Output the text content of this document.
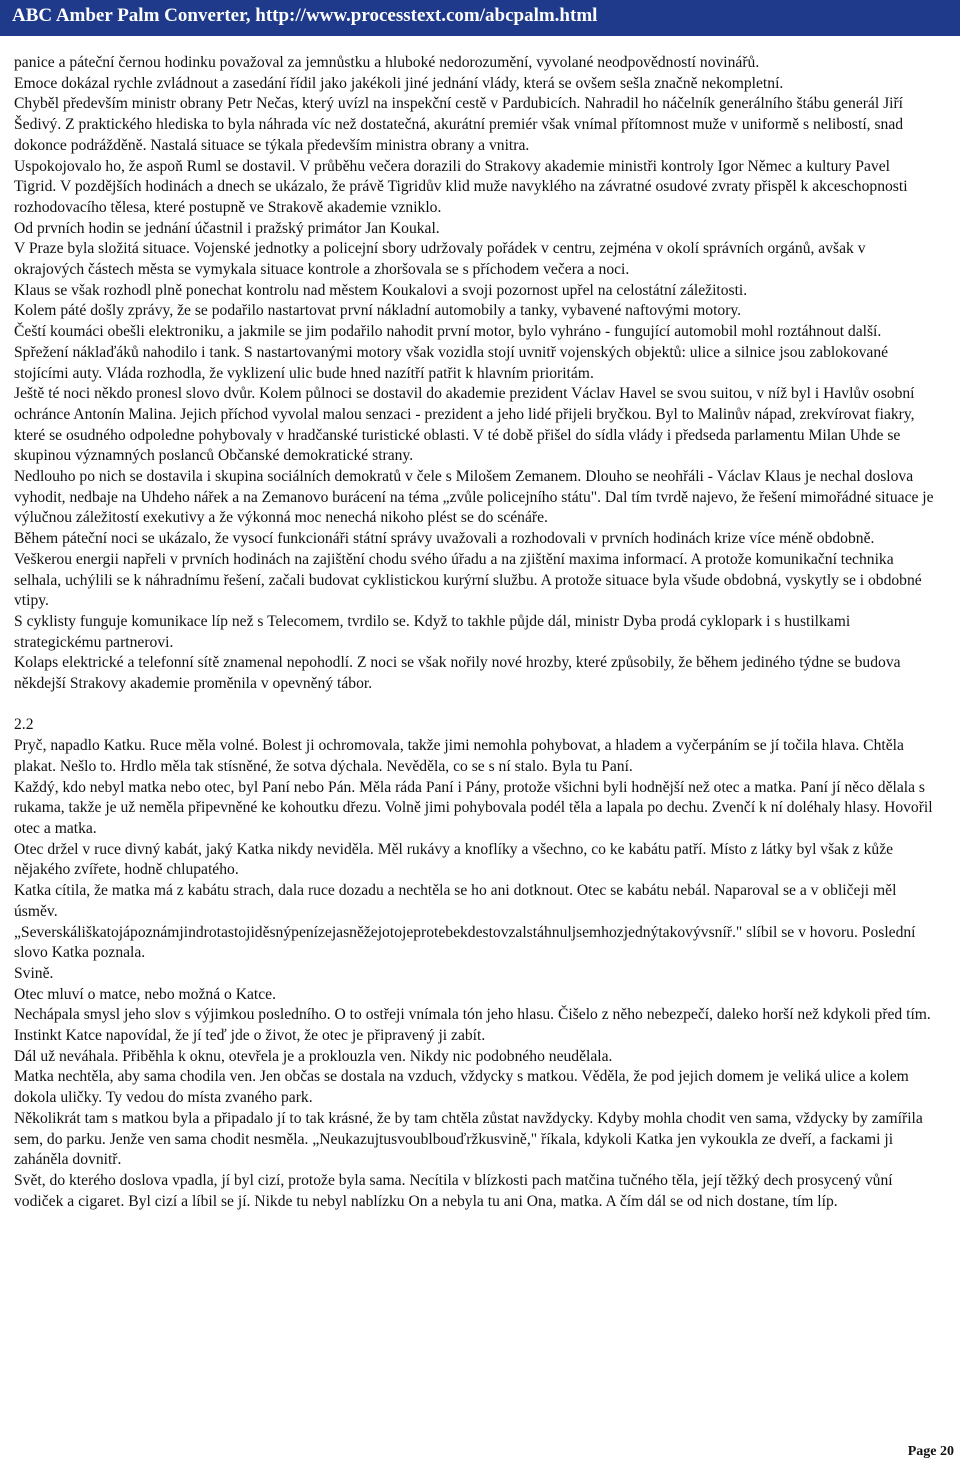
ABC Amber Palm Converter, http://www.processtext.com/abcpalm.html

panice a páteční černou hodinku považoval za jemnůstku a hluboké nedorozumění, vyvolané neodpovědností novinářů.

Emoce dokázal rychle zvládnout a zasedání řídil jako jakékoli jiné jednání vlády, která se ovšem sešla značně nekompletní.

Chyběl především ministr obrany Petr Nečas, který uvízl na inspekční cestě v Pardubicích. Nahradil ho náčelník generálního štábu generál Jiří Šedivý. Z praktického hlediska to byla náhrada víc než dostatečná, akurátní premiér však vnímal přítomnost muže v uniformě s nelibostí, snad dokonce podrážděně. Nastalá situace se týkala především ministra obrany a vnitra.

Uspokojovalo ho, že aspoň Ruml se dostavil. V průběhu večera dorazili do Strakovy akademie ministři kontroly Igor Němec a kultury Pavel Tigrid. V pozdějších hodinách a dnech se ukázalo, že právě Tigridův klid muže navyklého na závratné osudové zvraty přispěl k akceschopnosti rozhodovacího tělesa, které postupně ve Strakově akademie vzniklo.

Od prvních hodin se jednání účastnil i pražský primátor Jan Koukal.

V Praze byla složitá situace. Vojenské jednotky a policejní sbory udržovaly pořádek v centru, zejména v okolí správních orgánů, avšak v okrajových částech města se vymykala situace kontrole a zhoršovala se s příchodem večera a noci.

Klaus se však rozhodl plně ponechat kontrolu nad městem Koukalovi a svoji pozornost upřel na celostátní záležitosti.

Kolem páté došly zprávy, že se podařilo nastartovat první nákladní automobily a tanky, vybavené naftovými motory.

Čeští koumáci obešli elektroniku, a jakmile se jim podařilo nahodit první motor, bylo vyhráno - fungující automobil mohl roztáhnout další. Spřežení náklaďáků nahodilo i tank. S nastartovanými motory však vozidla stojí uvnitř vojenských objektů: ulice a silnice jsou zablokované stojícími auty. Vláda rozhodla, že vyklizení ulic bude hned nazítří patřit k hlavním prioritám.

Ještě té noci někdo pronesl slovo dvůr. Kolem půlnoci se dostavil do akademie prezident Václav Havel se svou suitou, v níž byl i Havlův osobní ochránce Antonín Malina. Jejich příchod vyvolal malou senzaci - prezident a jeho lidé přijeli bryčkou. Byl to Malinův nápad, zrekvírovat fiakry, které se osudného odpoledne pohybovaly v hradčanské turistické oblasti. V té době přišel do sídla vlády i předseda parlamentu Milan Uhde se skupinou významných poslanců Občanské demokratické strany.

Nedlouho po nich se dostavila i skupina sociálních demokratů v čele s Milošem Zemanem. Dlouho se neohřáli - Václav Klaus je nechal doslova vyhodit, nedbaje na Uhdeho nářek a na Zemanovo burácení na téma „zvůle policejního státu". Dal tím tvrdě najevo, že řešení mimořádné situace je výlučnou záležitostí exekutivy a že výkonná moc nenechá nikoho plést se do scénáře.

Během páteční noci se ukázalo, že vysocí funkcionáři státní správy uvažovali a rozhodovali v prvních hodinách krize více méně obdobně. Veškerou energii napřeli v prvních hodinách na zajištění chodu svého úřadu a na zjištění maxima informací. A protože komunikační technika selhala, uchýlili se k náhradnímu řešení, začali budovat cyklistickou kurýrní službu. A protože situace byla všude obdobná, vyskytly se i obdobné vtipy.

S cyklisty funguje komunikace líp než s Telecomem, tvrdilo se. Když to takhle půjde dál, ministr Dyba prodá cyklopark i s hustilkami strategickému partnerovi.

Kolaps elektrické a telefonní sítě znamenal nepohodlí. Z noci se však nořily nové hrozby, které způsobily, že během jediného týdne se budova někdejší Strakovy akademie proměnila v opevněný tábor.

2.2

Pryč, napadlo Katku. Ruce měla volné. Bolest ji ochromovala, takže jimi nemohla pohybovat, a hladem a vyčerpáním se jí točila hlava. Chtěla plakat. Nešlo to. Hrdlo měla tak stísněné, že sotva dýchala. Nevěděla, co se s ní stalo. Byla tu Paní.

Každý, kdo nebyl matka nebo otec, byl Paní nebo Pán. Měla ráda Paní i Pány, protože všichni byli hodnější než otec a matka. Paní jí něco dělala s rukama, takže je už neměla připevněné ke kohoutku dřezu. Volně jimi pohybovala podél těla a lapala po dechu. Zvenčí k ní doléhaly hlasy. Hovořil otec a matka.

Otec držel v ruce divný kabát, jaký Katka nikdy neviděla. Měl rukávy a knoflíky a všechno, co ke kabátu patří. Místo z látky byl však z kůže nějakého zvířete, hodně chlupatého.

Katka cítila, že matka má z kabátu strach, dala ruce dozadu a nechtěla se ho ani dotknout. Otec se kabátu nebál. Naparoval se a v obličeji měl úsměv.

„Severskáliškatojápoznámjindrotastojiděsnýpenízejasněžejotojeprotebekdestovzalstáhnuljsemhozjednýtakovývsníř." slíbil se v hovoru. Poslední slovo Katka poznala.

Svině.

Otec mluví o matce, nebo možná o Katce.

Nechápala smysl jeho slov s výjimkou posledního. O to ostřeji vnímala tón jeho hlasu. Čišelo z něho nebezpečí, daleko horší než kdykoli před tím. Instinkt Katce napovídal, že jí teď jde o život, že otec je připravený ji zabít.

Dál už neváhala. Přiběhla k oknu, otevřela je a proklouzla ven. Nikdy nic podobného neudělala.

Matka nechtěla, aby sama chodila ven. Jen občas se dostala na vzduch, vždycky s matkou. Věděla, že pod jejich domem je veliká ulice a kolem dokola uličky. Ty vedou do místa zvaného park.

Několikrát tam s matkou byla a připadalo jí to tak krásné, že by tam chtěla zůstat navždycky. Kdyby mohla chodit ven sama, vždycky by zamířila sem, do parku. Jenže ven sama chodit nesměla. „Neukazujtusvoublbouďržkusvině," říkala, kdykoli Katka jen vykoukla ze dveří, a fackami ji zaháněla dovnitř.

Svět, do kterého doslova vpadla, jí byl cizí, protože byla sama. Necítila v blízkosti pach matčina tučného těla, její těžký dech prosycený vůní vodiček a cigaret. Byl cizí a líbil se jí. Nikde tu nebyl nablízku On a nebyla tu ani Ona, matka. A čím dál se od nich dostane, tím líp.

Page 20
